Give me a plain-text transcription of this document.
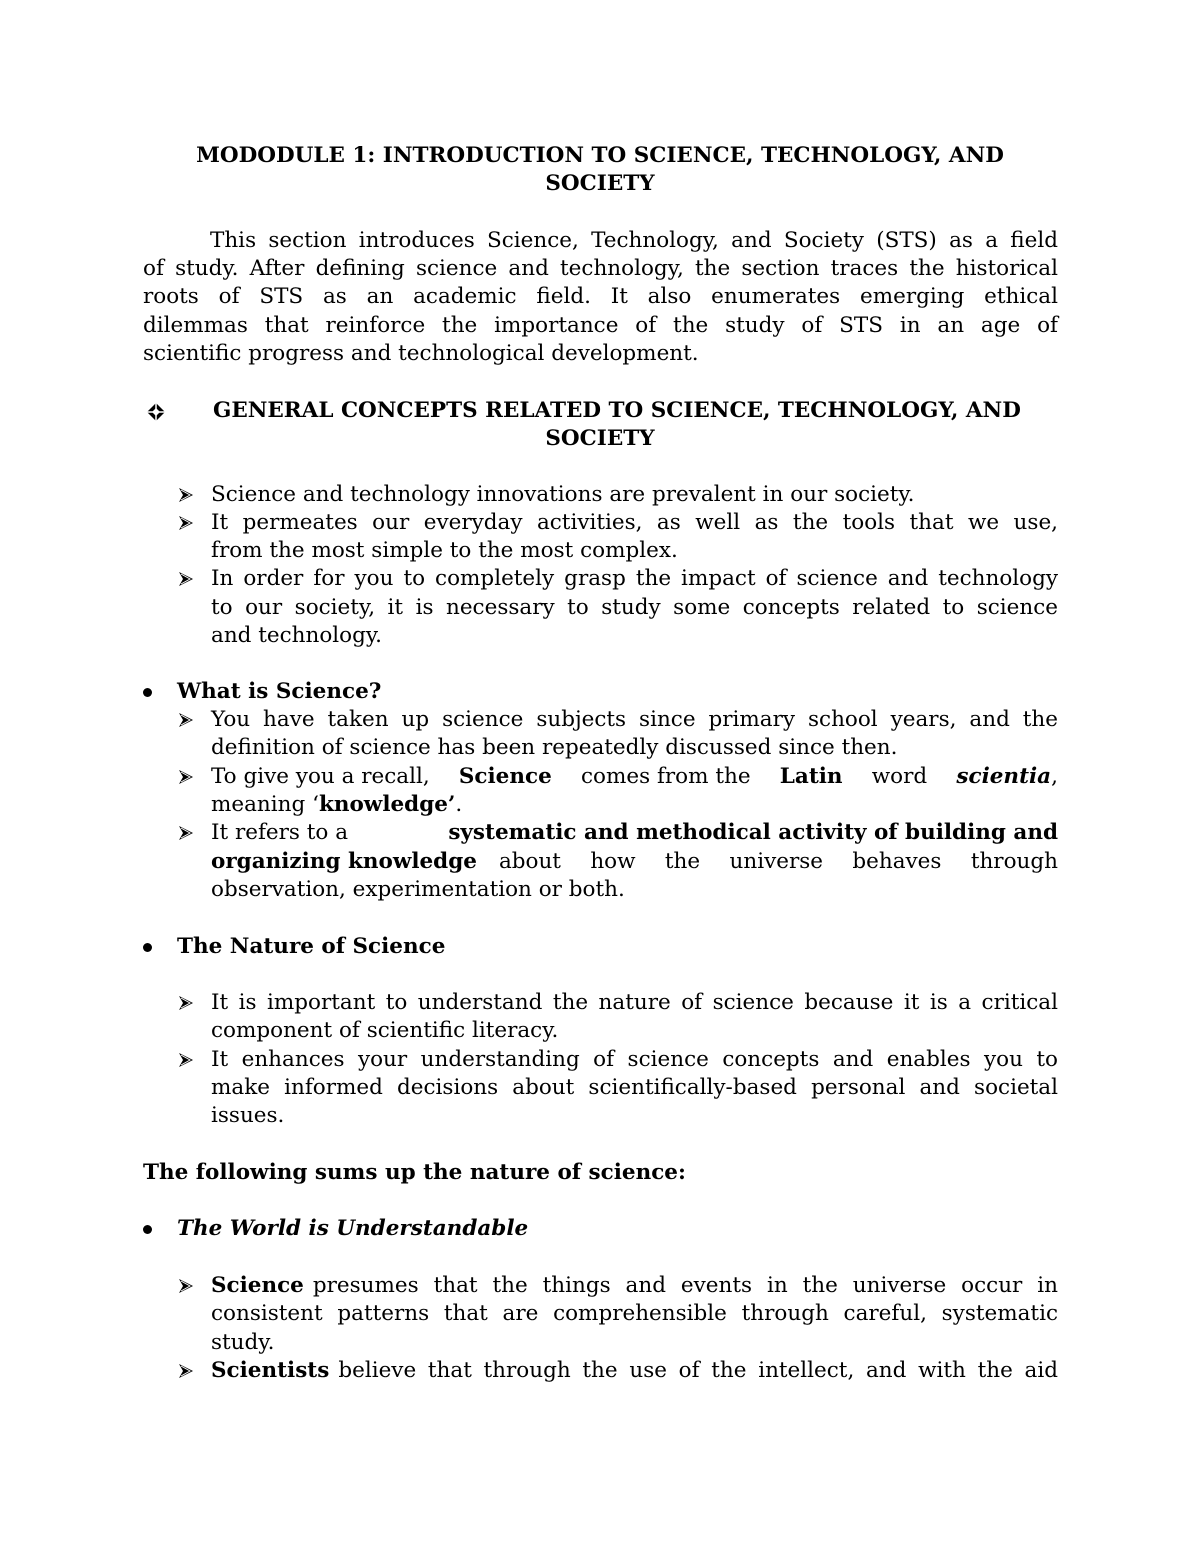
MODODULE 1: INTRODUCTION TO SCIENCE, TECHNOLOGY, AND
SOCIETY
This section introduces Science, Technology, and Society (STS) as a field
of study. After defining science and technology, the section traces the historical
roots of STS as an academic field. It also enumerates emerging ethical
dilemmas that reinforce the importance of the study of STS in an age of
scientific progress and technological development.
GENERAL CONCEPTS RELATED TO SCIENCE, TECHNOLOGY, AND
SOCIETY
Science and technology innovations are prevalent in our society.
It permeates our everyday activities, as well as the tools that we use,
from the most simple to the most complex.
In order for you to completely grasp the impact of science and technology
to our society, it is necessary to study some concepts related to science
and technology.
What is Science?
You have taken up science subjects since primary school years, and the
definition of science has been repeatedly discussed since then.
To give you a recall, Science comes from the Latin word scientia,
meaning ‘knowledge’.
It refers to a	systematic and methodical activity of building and
organizing knowledge about how the universe behaves through
observation, experimentation or both.
The Nature of Science
It is important to understand the nature of science because it is a critical
component of scientific literacy.
It enhances your understanding of science concepts and enables you to
make informed decisions about scientifically-based personal and societal
issues.
The following sums up the nature of science:
The World is Understandable
Science presumes that the things and events in the universe occur in
consistent patterns that are comprehensible through careful, systematic
study.
Scientists believe that through the use of the intellect, and with the aid
